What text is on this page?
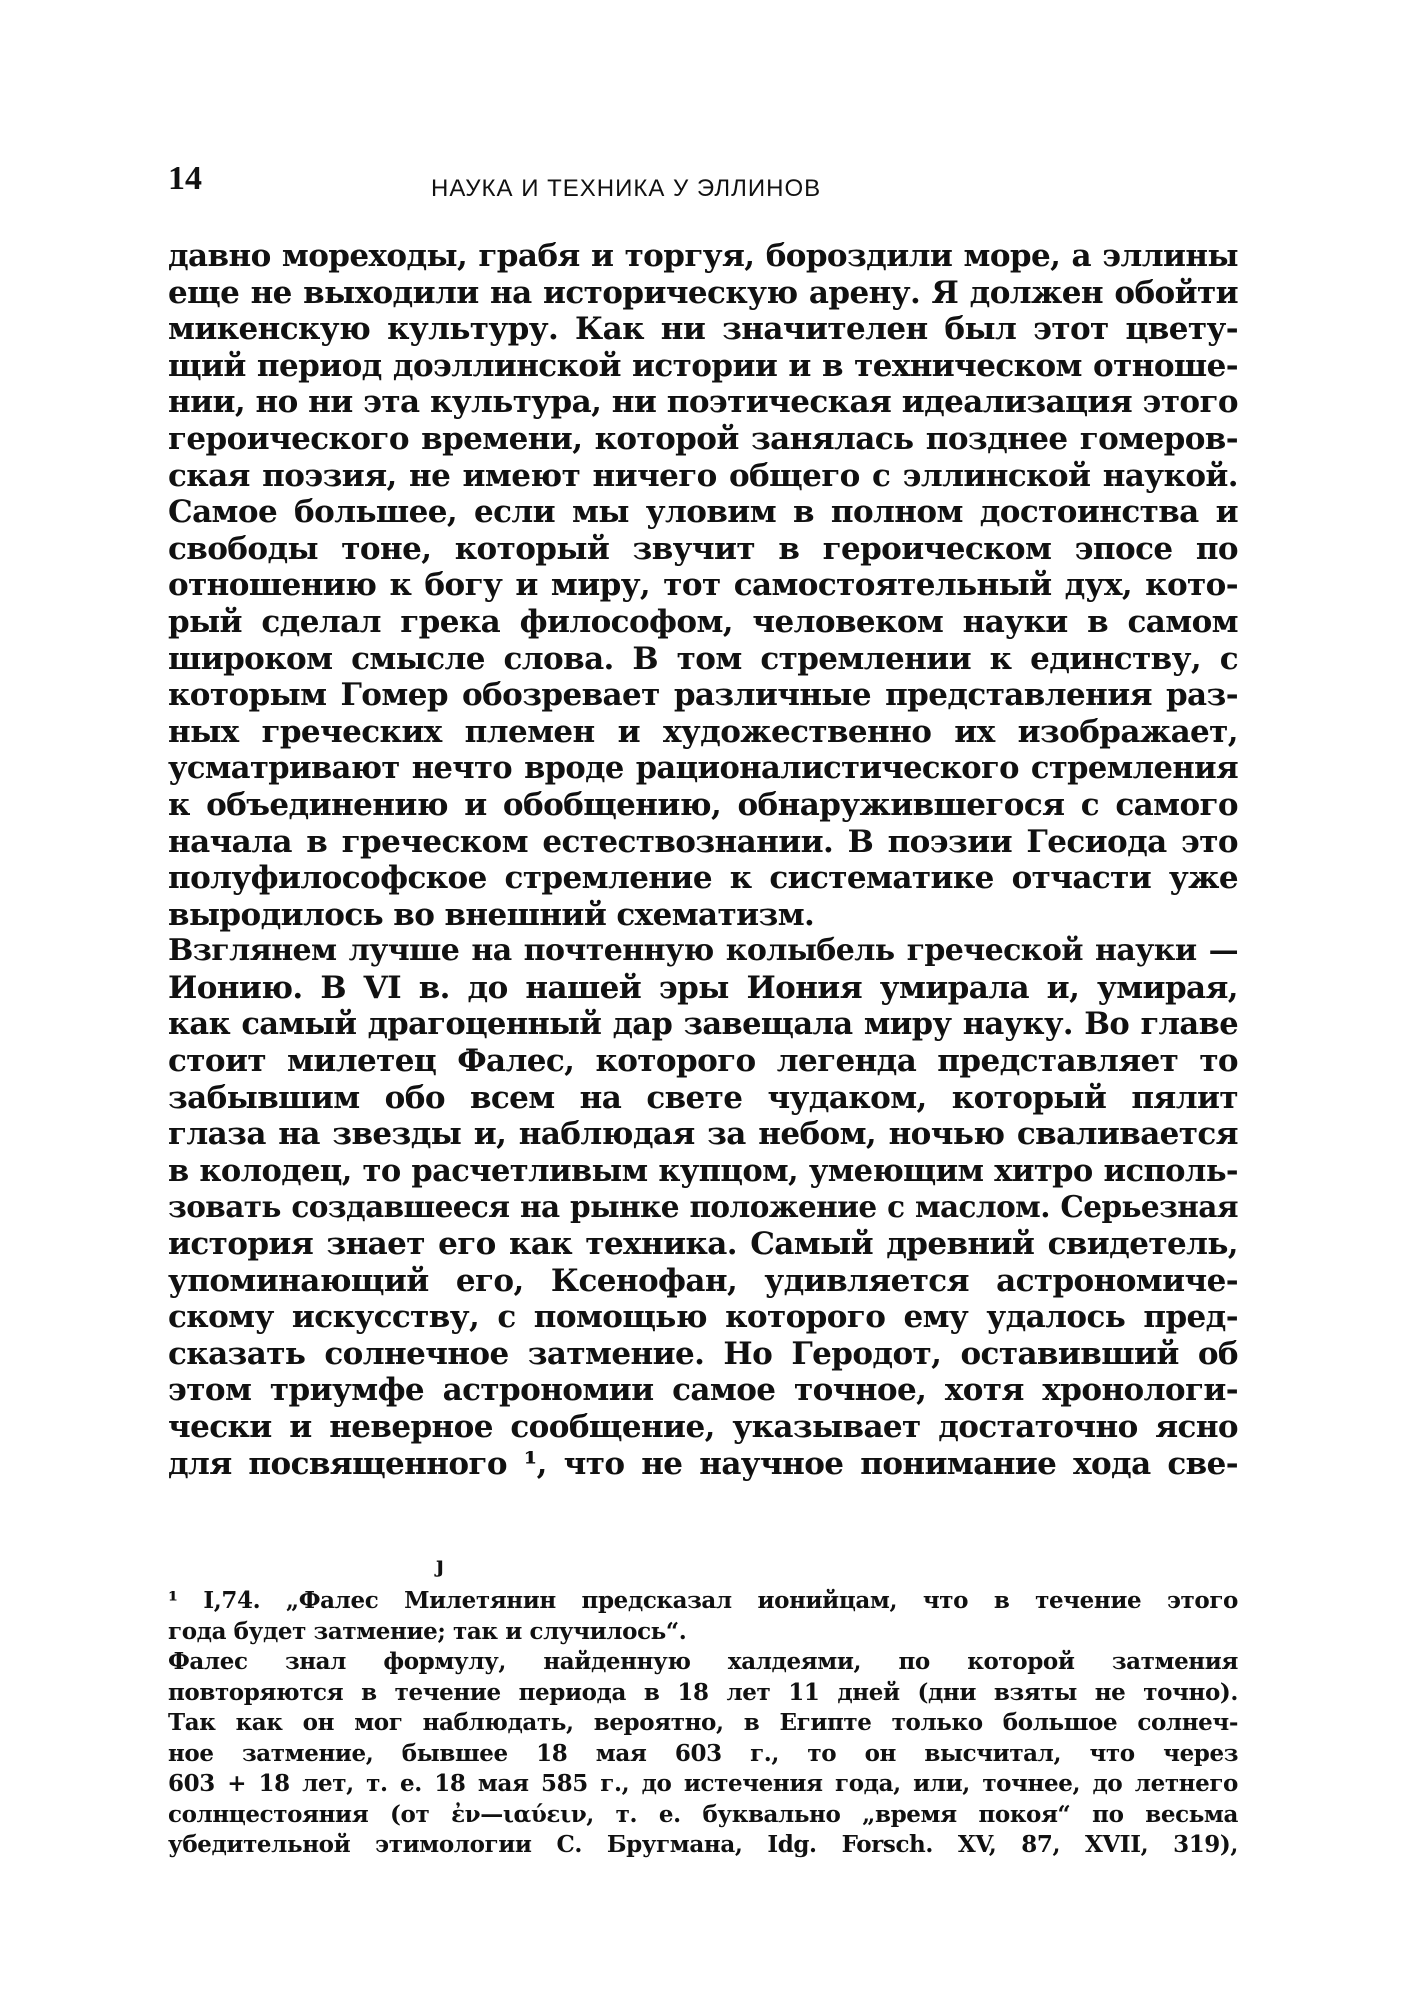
14	НАУКА И ТЕХНИКА У ЭЛЛИНОВ
давно мореходы, грабя и торгуя, бороздили море, а эллины
еще не выходили на историческую арену. Я должен обойти
микенскую культуру. Как ни значителен был этот цвету-
щий период доэллинской истории и в техническом отноше-
нии, но ни эта культура, ни поэтическая идеализация этого
героического времени, которой занялась позднее гомеров-
ская поэзия, не имеют ничего общего с эллинской наукой.
Самое большее, если мы уловим в полном достоинства и
свободы тоне, который звучит в героическом эпосе по
отношению к богу и миру, тот самостоятельный дух, кото-
рый сделал грека философом, человеком науки в самом
широком смысле слова. В том стремлении к единству, с
которым Гомер обозревает различные представления раз-
ных греческих племен и художественно их изображает,
усматривают нечто вроде рационалистического стремления
к объединению и обобщению, обнаружившегося с самого
начала в греческом естествознании. В поэзии Гесиода это
полуфилософское стремление к систематике отчасти уже
выродилось во внешний схематизм.
Взглянем лучше на почтенную колыбель греческой науки —
Ионию. В VI в. до нашей эры Иония умирала и, умирая,
как самый драгоценный дар завещала миру науку. Во главе
стоит милетец Фалес, которого легенда представляет то
забывшим обо всем на свете чудаком, который пялит
глаза на звезды и, наблюдая за небом, ночью сваливается
в колодец, то расчетливым купцом, умеющим хитро исполь-
зовать создавшееся на рынке положение с маслом. Серьезная
история знает его как техника. Самый древний свидетель,
упоминающий его, Ксенофан, удивляется астрономиче-
скому искусству, с помощью которого ему удалось пред-
сказать солнечное затмение. Но Геродот, оставивший об
этом триумфе астрономии самое точное, хотя хронологи-
чески и неверное сообщение, указывает достаточно ясно
для посвященного ¹, что не научное понимание хода све-
ȷ
¹ I,74. „Фалес Милетянин предсказал ионийцам, что в течение этого
года будет затмение; так и случилось“.
Фалес знал формулу, найденную халдеями, по которой затмения
повторяются в течение периода в 18 лет 11 дней (дни взяты не точно).
Так как он мог наблюдать, вероятно, в Египте только большое солнеч-
ное затмение, бывшее 18 мая 603 г., то он высчитал, что через
603 + 18 лет, т. е. 18 мая 585 г., до истечения года, или, точнее, до летнего
солнцестояния (от ἐν—ιαύειν, т. е. буквально „время покоя“ по весьма
убедительной этимологии С. Бругмана, Idg. Forsch. XV, 87, XVII, 319),
